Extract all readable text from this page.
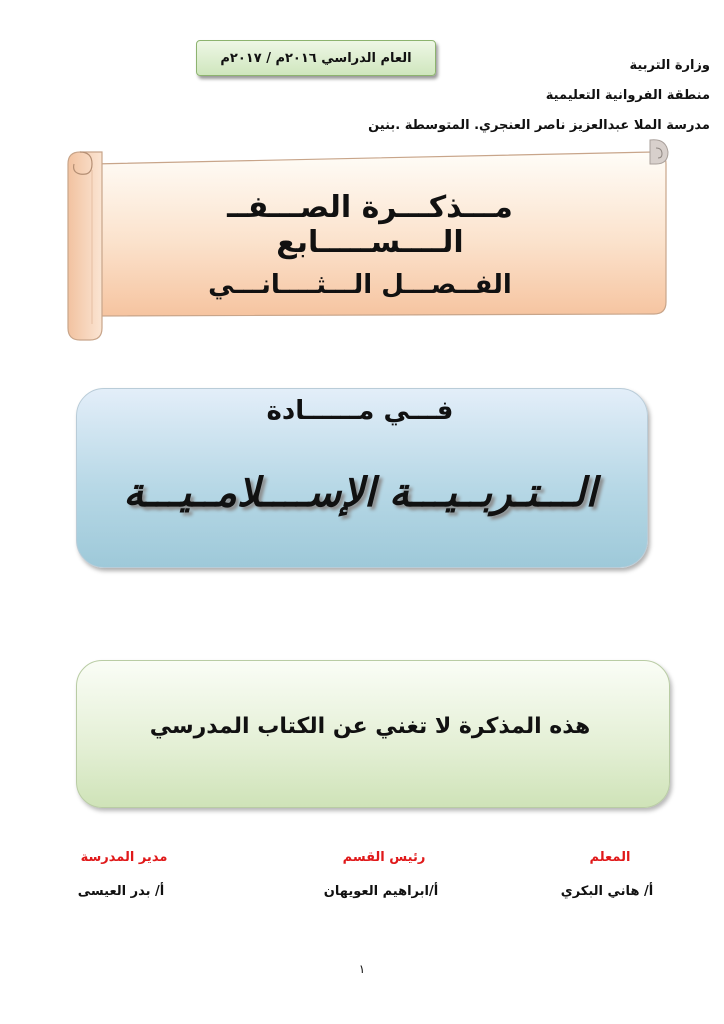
العام الدراسي ٢٠١٦م / ٢٠١٧م	وزارة التربية
منطقة الفروانية التعليمية
مدرسة الملا عبدالعزيز ناصر العنجري. المتوسطة .بنين
مـــذكـــرة الصـــفــ الــــســـــابع
الفــصـــل الـــثــــانـــي
فـــي مــــــادة
الـــتـربــيـــة الإســــلامــيـــة
هذه المذكرة لا تغني عن الكتاب المدرسي
المعلم
أ/ هاني البكري
رئيس القسم
أ/ابراهيم العويهان
مدير المدرسة
أ/ بدر العيسى
١
